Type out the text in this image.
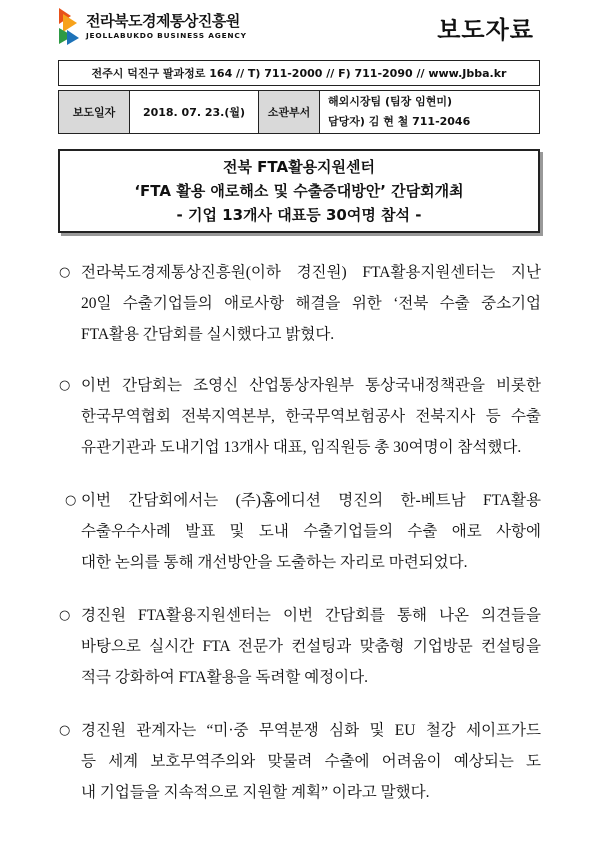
전라북도경제통상진흥원
JEOLLABUKDO BUSINESS AGENCY	보도자료
전주시 덕진구 팔과정로 164 // T) 711-2000 // F) 711-2090 // www.Jbba.kr
보도일자	2018. 07. 23.(월)	소관부서	
해외시장팀 (팀장 임현미)
담당자) 김 현 철 711-2046
전북 FTA활용지원센터
‘FTA 활용 애로해소 및 수출증대방안’ 간담회개최
- 기업 13개사 대표등 30여명 참석 -
○ 전라북도경제통상진흥원(이하 경진원) FTA활용지원센터는 지난
20일 수출기업들의 애로사항 해결을 위한 ‘전북 수출 중소기업
FTA활용 간담회를 실시했다고 밝혔다.
○ 이번 간담회는 조영신 산업통상자원부 통상국내정책관을 비롯한
한국무역협회 전북지역본부, 한국무역보험공사 전북지사 등 수출
유관기관과 도내기업 13개사 대표, 임직원등 총 30여명이 참석했다.
○ 이번 간담회에서는 (주)홈에디션 명진의 한-베트남 FTA활용
수출우수사례 발표 및 도내 수출기업들의 수출 애로 사항에
대한 논의를 통해 개선방안을 도출하는 자리로 마련되었다.
○ 경진원 FTA활용지원센터는 이번 간담회를 통해 나온 의견들을
바탕으로 실시간 FTA 전문가 컨설팅과 맞춤형 기업방문 컨설팅을
적극 강화하여 FTA활용을 독려할 예정이다.
○ 경진원 관계자는 “미·중 무역분쟁 심화 및 EU 철강 세이프가드
등 세계 보호무역주의와 맞물려 수출에 어려움이 예상되는 도
내 기업들을 지속적으로 지원할 계획” 이라고 말했다.
